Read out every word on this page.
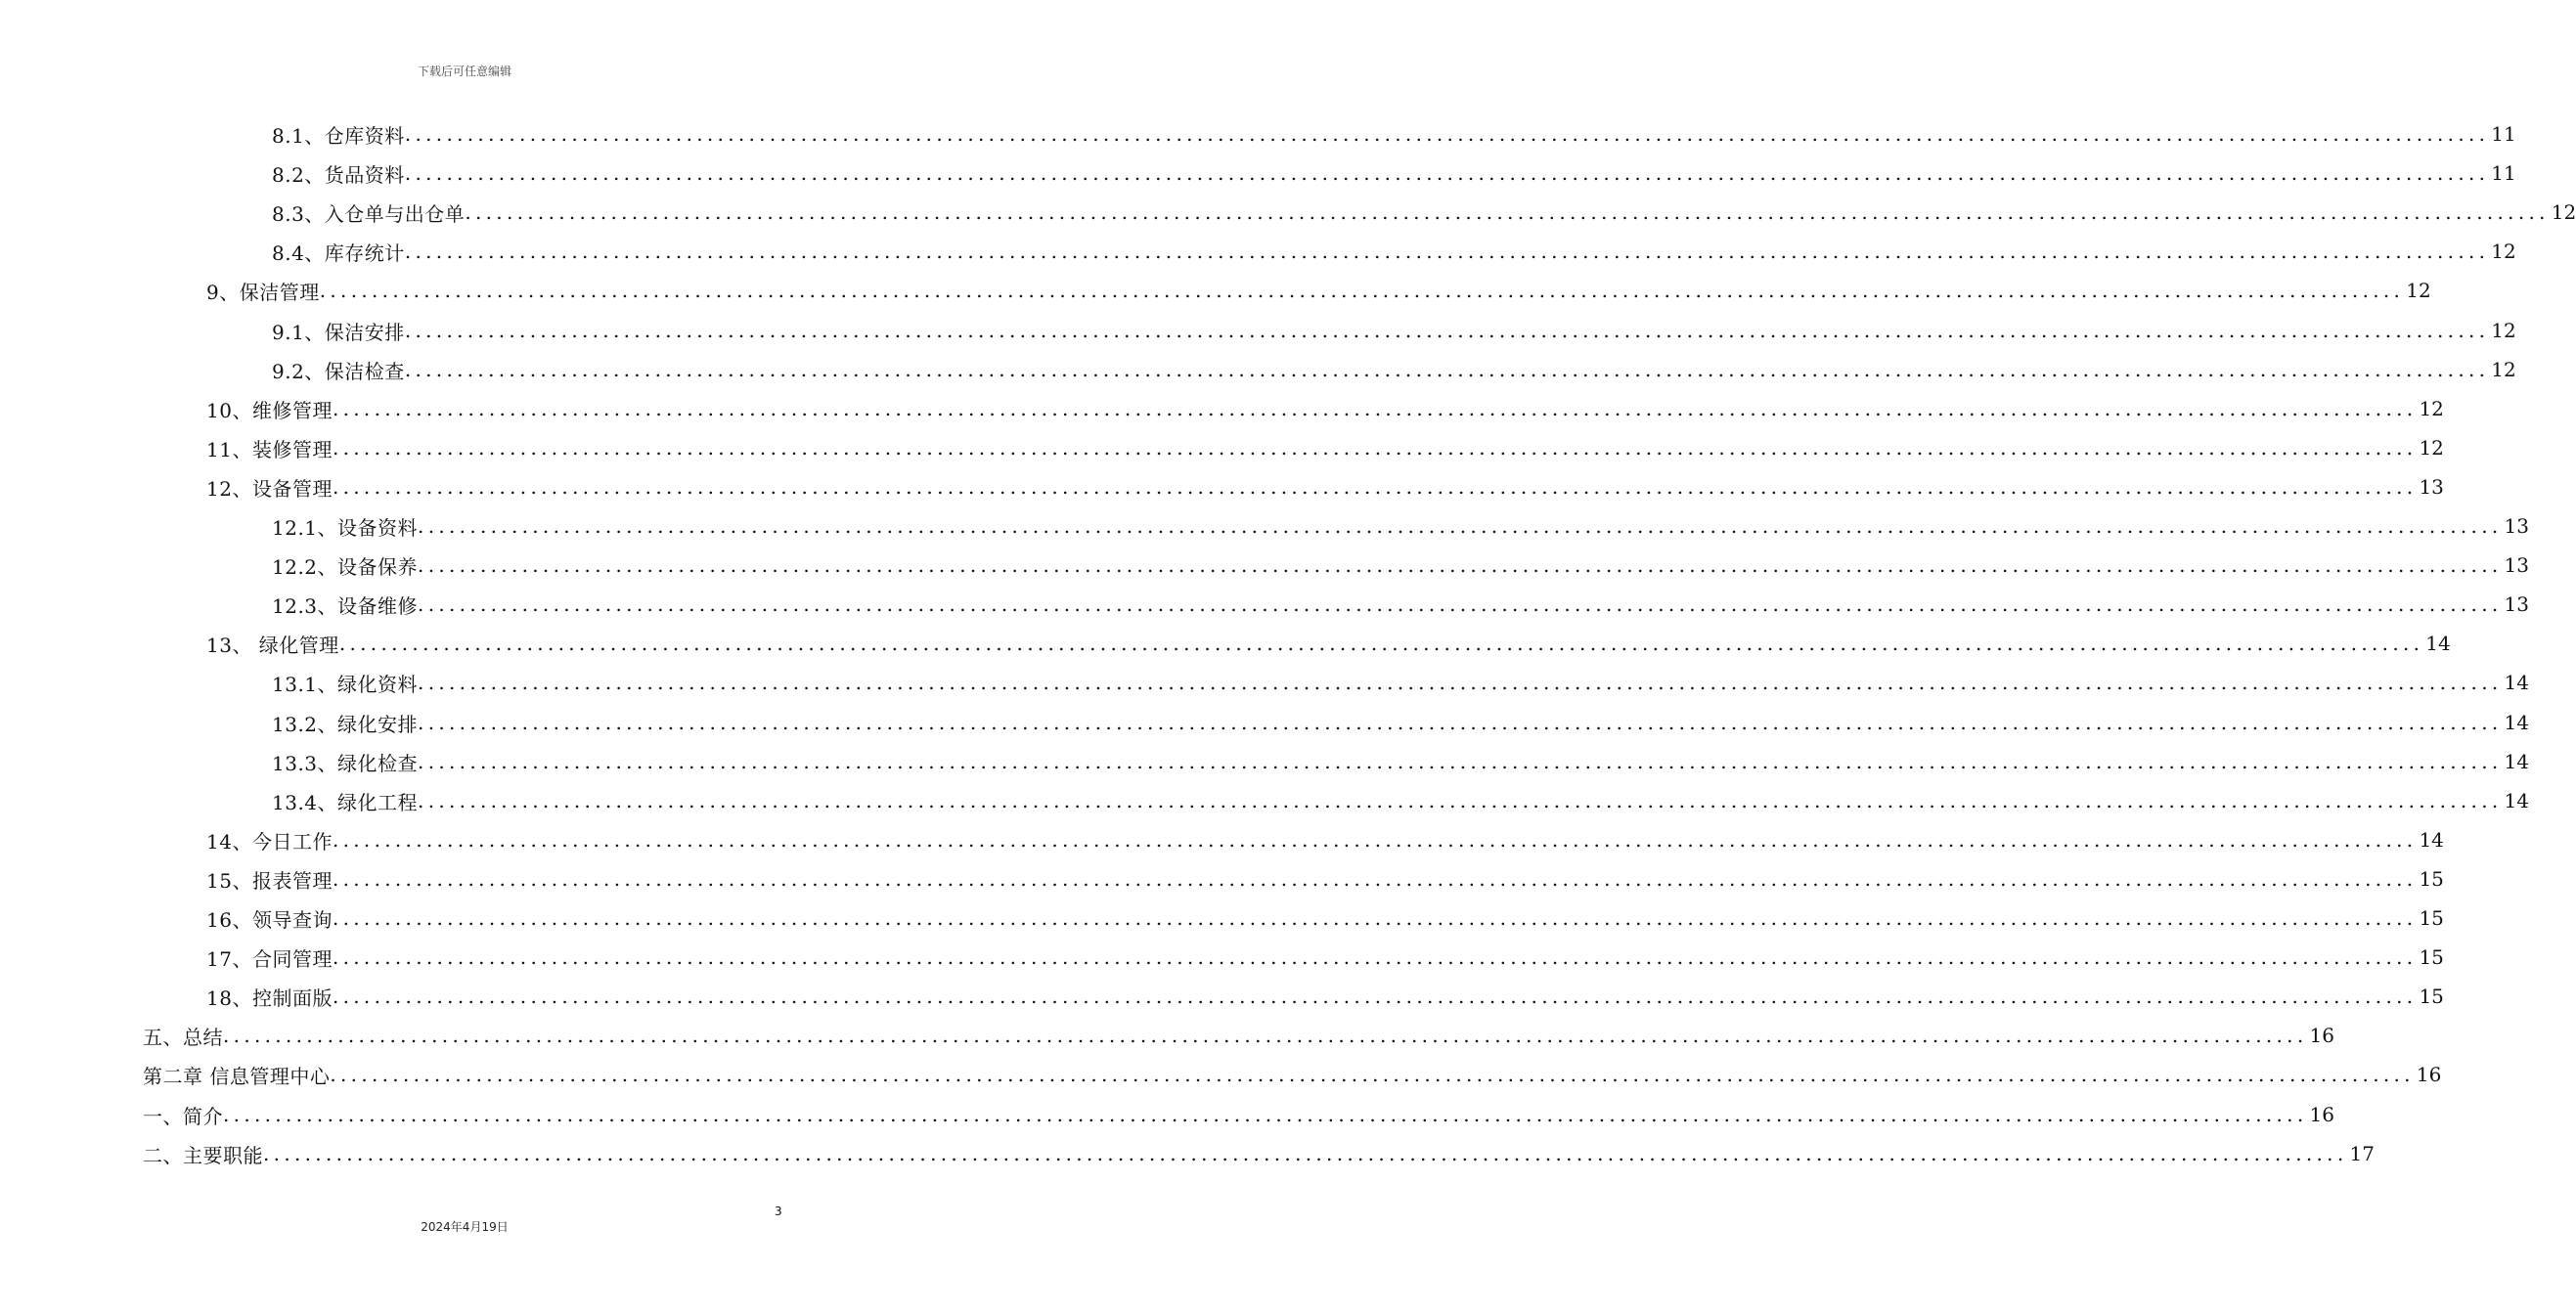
下载后可任意编辑
8.1、仓库资料 ........................................................................................................................................................................................................ 11
8.2、货品资料 ........................................................................................................................................................................................................ 11
8.3、入仓单与出仓单 ........................................................................................................................................................................................................ 12
8.4、库存统计 ........................................................................................................................................................................................................ 12
9、保洁管理 ........................................................................................................................................................................................................ 12
9.1、保洁安排 ........................................................................................................................................................................................................ 12
9.2、保洁检查 ........................................................................................................................................................................................................ 12
10、维修管理 ........................................................................................................................................................................................................ 12
11、装修管理 ........................................................................................................................................................................................................ 12
12、设备管理 ........................................................................................................................................................................................................ 13
12.1、设备资料 ........................................................................................................................................................................................................ 13
12.2、设备保养 ........................................................................................................................................................................................................ 13
12.3、设备维修 ........................................................................................................................................................................................................ 13
13、 绿化管理 ........................................................................................................................................................................................................ 14
13.1、绿化资料 ........................................................................................................................................................................................................ 14
13.2、绿化安排 ........................................................................................................................................................................................................ 14
13.3、绿化检查 ........................................................................................................................................................................................................ 14
13.4、绿化工程 ........................................................................................................................................................................................................ 14
14、今日工作 ........................................................................................................................................................................................................ 14
15、报表管理 ........................................................................................................................................................................................................ 15
16、领导查询 ........................................................................................................................................................................................................ 15
17、合同管理 ........................................................................................................................................................................................................ 15
18、控制面版 ........................................................................................................................................................................................................ 15
五、总结 ........................................................................................................................................................................................................ 16
第二章 信息管理中心 ........................................................................................................................................................................................................ 16
一、简介 ........................................................................................................................................................................................................ 16
二、主要职能 ........................................................................................................................................................................................................ 17
3
2024年4月19日
